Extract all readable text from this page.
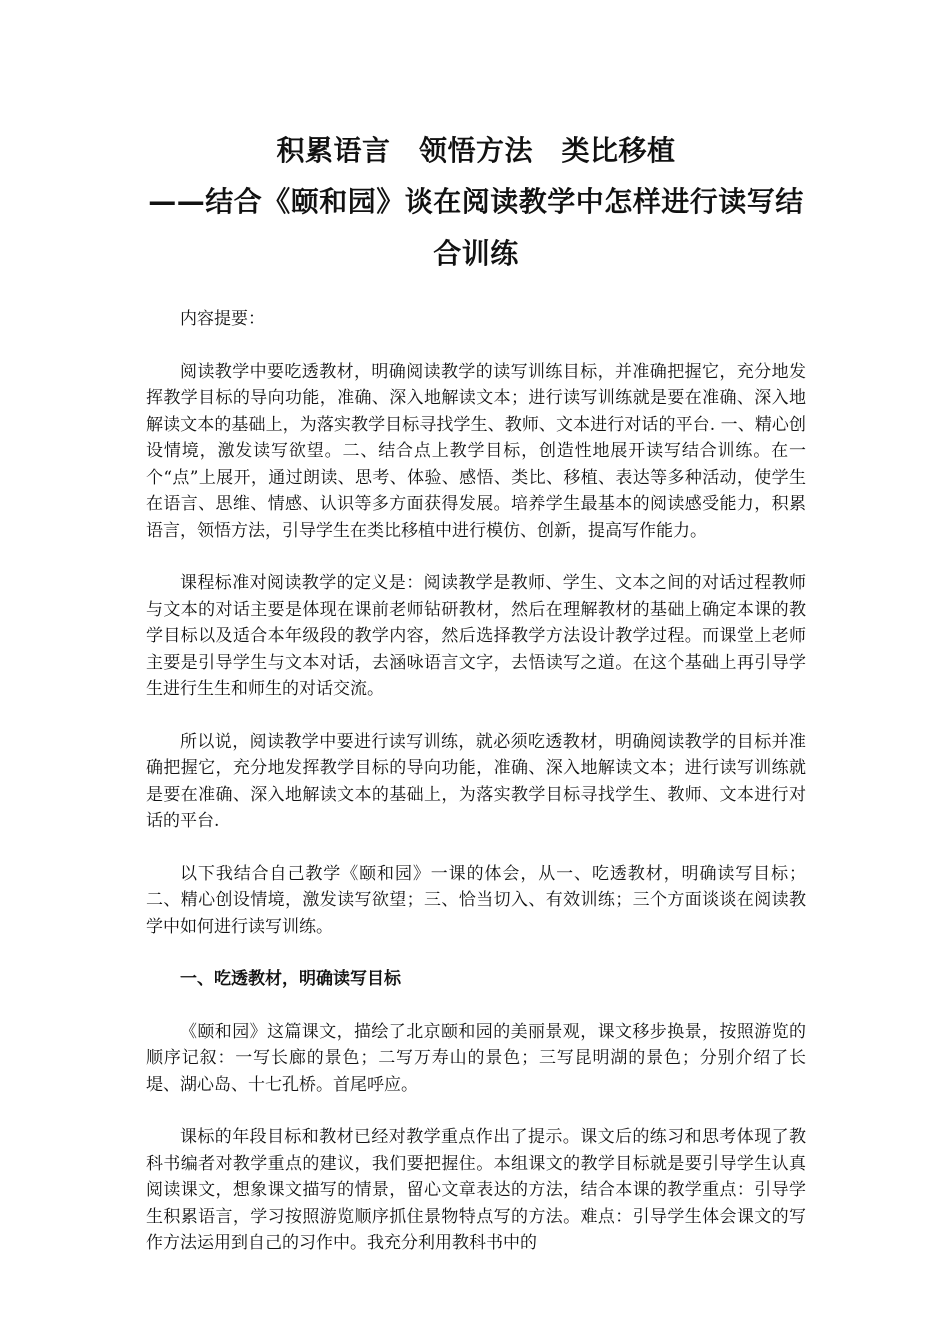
积累语言　领悟方法　类比移植
——结合《颐和园》谈在阅读教学中怎样进行读写结合训练

内容提要：

阅读教学中要吃透教材，明确阅读教学的读写训练目标，并准确把握它，充分地发挥教学目标的导向功能，准确、深入地解读文本；进行读写训练就是要在准确、深入地解读文本的基础上，为落实教学目标寻找学生、教师、文本进行对话的平台. 一、精心创设情境，激发读写欲望。二、结合点上教学目标，创造性地展开读写结合训练。在一个“点”上展开，通过朗读、思考、体验、感悟、类比、移植、表达等多种活动，使学生在语言、思维、情感、认识等多方面获得发展。培养学生最基本的阅读感受能力，积累语言，领悟方法，引导学生在类比移植中进行模仿、创新，提高写作能力。

课程标准对阅读教学的定义是：阅读教学是教师、学生、文本之间的对话过程教师与文本的对话主要是体现在课前老师钻研教材，然后在理解教材的基础上确定本课的教学目标以及适合本年级段的教学内容，然后选择教学方法设计教学过程。而课堂上老师主要是引导学生与文本对话，去涵咏语言文字，去悟读写之道。在这个基础上再引导学生进行生生和师生的对话交流。

所以说，阅读教学中要进行读写训练，就必须吃透教材，明确阅读教学的目标并准确把握它，充分地发挥教学目标的导向功能，准确、深入地解读文本；进行读写训练就是要在准确、深入地解读文本的基础上，为落实教学目标寻找学生、教师、文本进行对话的平台.

以下我结合自己教学《颐和园》一课的体会，从一、吃透教材，明确读写目标；二、精心创设情境，激发读写欲望；三、恰当切入、有效训练；三个方面谈谈在阅读教学中如何进行读写训练。

一、吃透教材，明确读写目标

《颐和园》这篇课文，描绘了北京颐和园的美丽景观，课文移步换景，按照游览的顺序记叙：一写长廊的景色；二写万寿山的景色；三写昆明湖的景色；分别介绍了长堤、湖心岛、十七孔桥。首尾呼应。

课标的年段目标和教材已经对教学重点作出了提示。课文后的练习和思考体现了教科书编者对教学重点的建议，我们要把握住。本组课文的教学目标就是要引导学生认真阅读课文，想象课文描写的情景，留心文章表达的方法，结合本课的教学重点：引导学生积累语言，学习按照游览顺序抓住景物特点写的方法。难点：引导学生体会课文的写作方法运用到自己的习作中。我充分利用教科书中的
